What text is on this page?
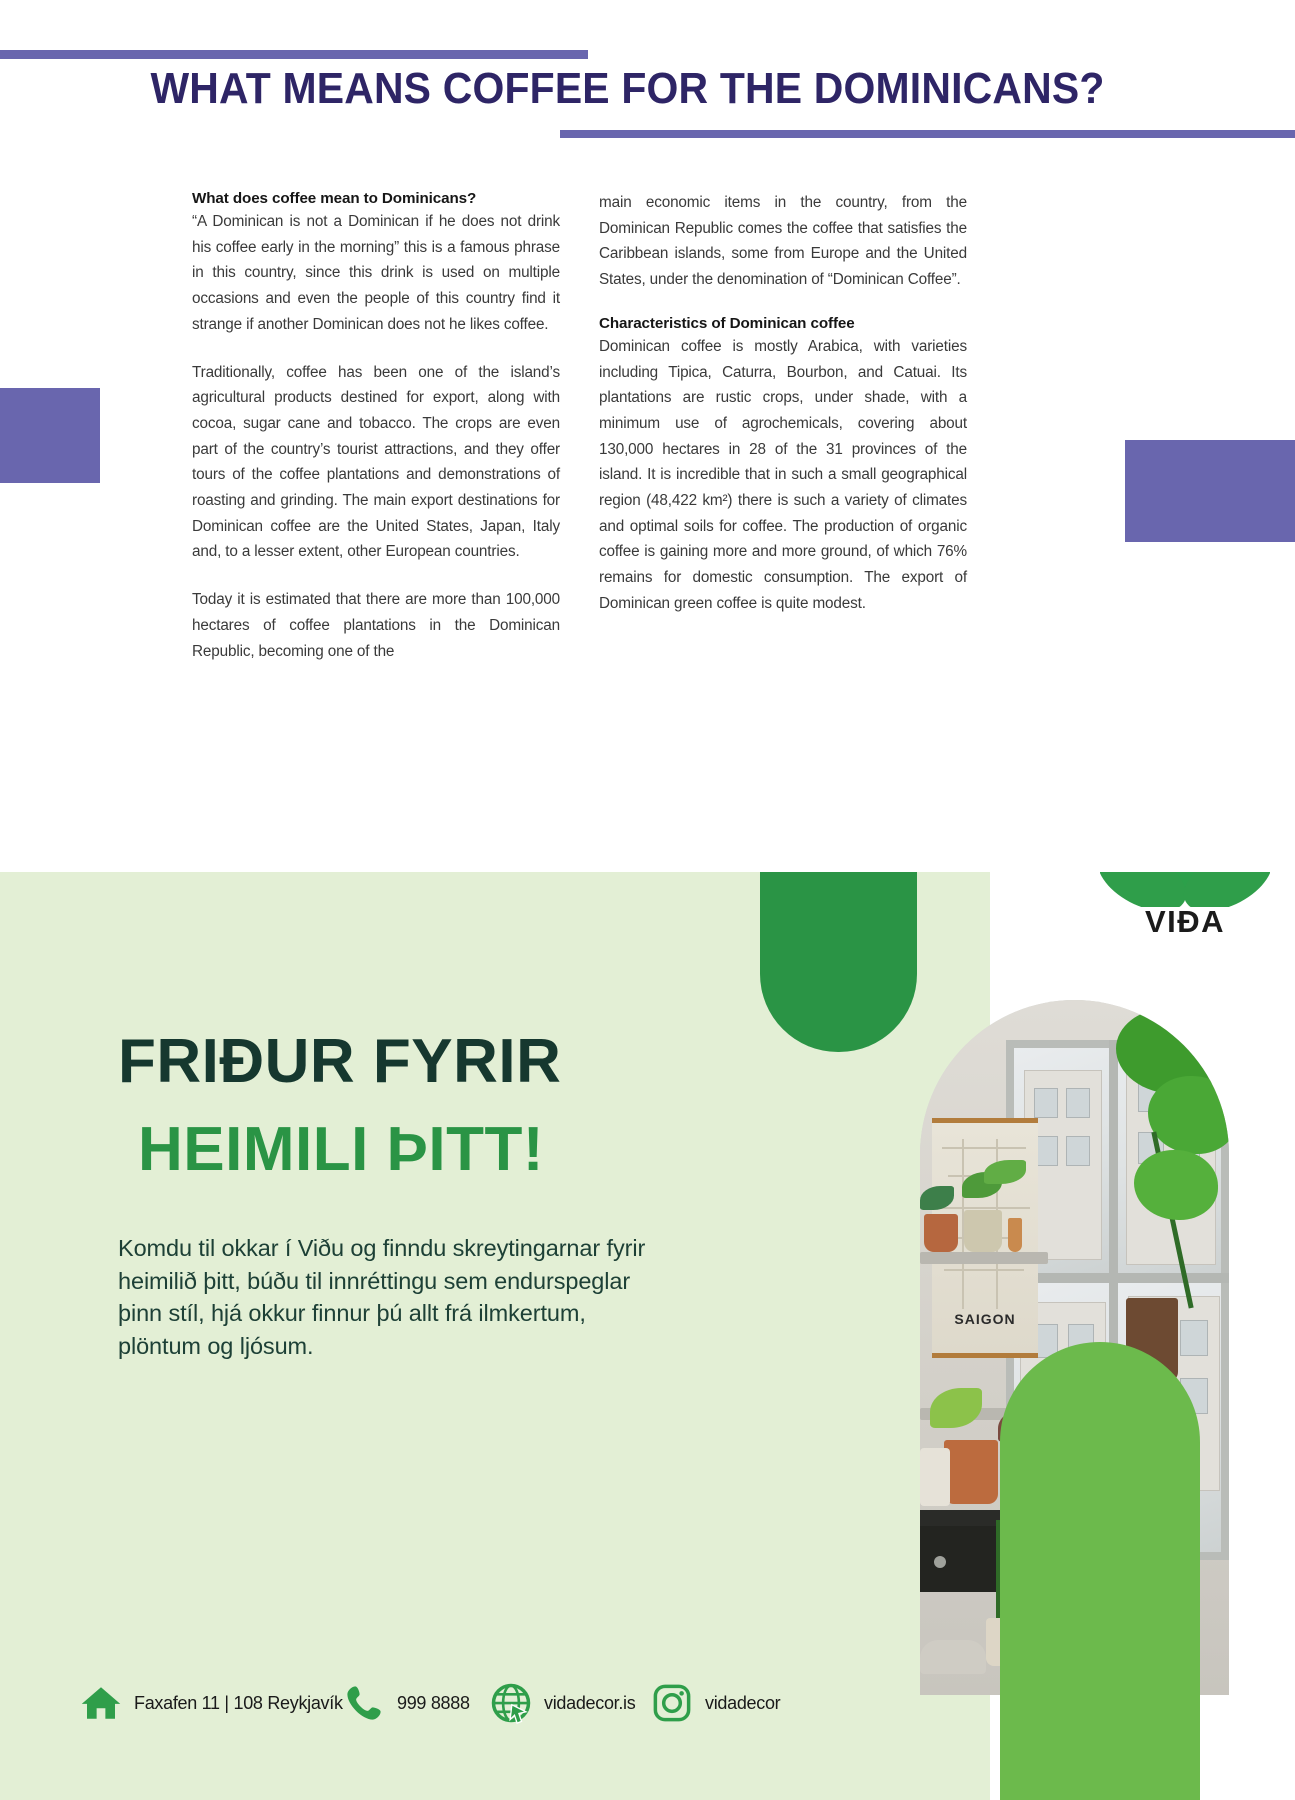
WHAT MEANS COFFEE FOR THE DOMINICANS?
What does coffee mean to Dominicans?

“A Dominican is not a Dominican if he does not drink his coffee early in the morning” this is a famous phrase in this country, since this drink is used on multiple occasions and even the people of this country find it strange if another Dominican does not he likes coffee.

Traditionally, coffee has been one of the island’s agricultural products destined for export, along with cocoa, sugar cane and tobacco. The crops are even part of the country’s tourist attractions, and they offer tours of the coffee plantations and demonstrations of roasting and grinding. The main export destinations for Dominican coffee are the United States, Japan, Italy and, to a lesser extent, other European countries.

Today it is estimated that there are more than 100,000 hectares of coffee plantations in the Dominican Republic, becoming one of the

main economic items in the country, from the Dominican Republic comes the coffee that satisfies the Caribbean islands, some from Europe and the United States, under the denomination of “Dominican Coffee”.

Characteristics of Dominican coffee

Dominican coffee is mostly Arabica, with varieties including Tipica, Caturra, Bourbon, and Catuai. Its plantations are rustic crops, under shade, with a minimum use of agrochemicals, covering about 130,000 hectares in 28 of the 31 provinces of the island. It is incredible that in such a small geographical region (48,422 km²) there is such a variety of climates and optimal soils for coffee. The production of organic coffee is gaining more and more ground, of which 76% remains for domestic consumption. The export of Dominican green coffee is quite modest.

SAIGON
VIÐA
FRIÐUR FYRIR
HEIMILI ÞITT!
Komdu til okkar í Viðu og finndu skreytingarnar fyrir heimilið þitt, búðu til innréttingu sem endurspeglar þinn stíl, hjá okkur finnur þú allt frá ilmkertum, plöntum og ljósum.
Faxafen 11 | 108 Reykjavík	999 8888	vidadecor.is	vidadecor
